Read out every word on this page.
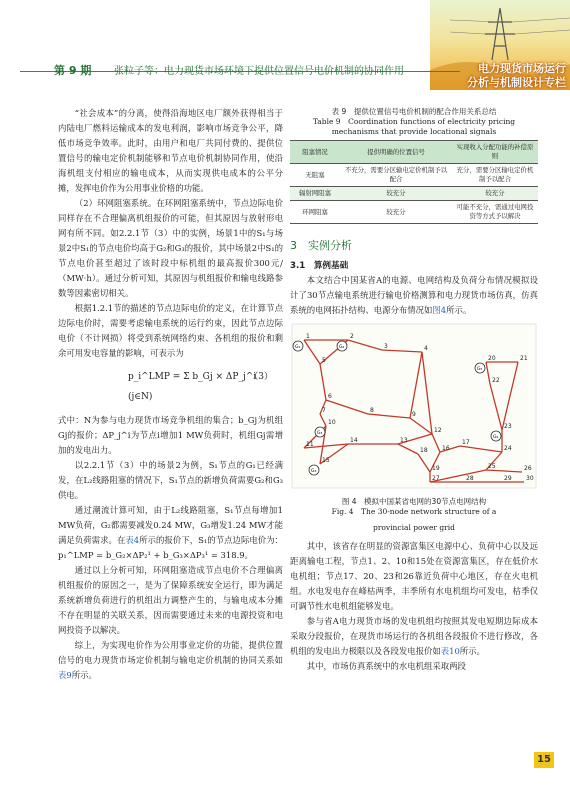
电力现货市场运行
分析与机制设计专栏
第 9 期 张粒子等：电力现货市场环境下提供位置信号电价机制的协同作用

“社会成本”的分离，使得沿海地区电厂额外获得相当于内陆电厂燃料运输成本的发电利润，影响市场竞争公平，降低市场竞争效率。此时，由用户和电厂共同付费的、提供位置信号的输电定价机制能够和节点电价机制协同作用，使沿海机组支付相应的输电成本，从而实现供电成本的公平分摊，发挥电价作为公用事业价格的功能。

（2）环网阻塞系统。在环网阻塞系统中，节点边际电价同样存在不合理偏离机组报价的可能，但其原因与放射形电网有所不同。如2.2.1节（3）中的实例，场景1中的S₁与场景2中S₁的节点电价均高于G₂和G₃的报价，其中场景2中S₁的节点电价甚至超过了该时段中标机组的最高报价300元/（MW·h）。通过分析可知，其原因与机组报价和输电线路参数等因素密切相关。

根据1.2.1节的描述的节点边际电价的定义，在计算节点边际电价时，需要考虑输电系统的运行约束，因此节点边际电价（不计网损）将受到系统网络约束、各机组的报价和剩余可用发电容量的影响，可表示为

p_i^LMP = Σ b_Gj × ΔP_j^i (j∈N)
（3）

式中：N为参与电力现货市场竞争机组的集合；b_Gj为机组Gj的报价；ΔP_j^i为节点i增加1 MW负荷时，机组Gj需增加的发电出力。

以2.2.1节（3）中的场景2为例，S₁节点的G₁已经满发，在L₂线路阻塞的情况下，S₁节点的新增负荷需要G₂和G₃供电。

通过潮流计算可知，由于L₂线路阻塞，S₁节点每增加1 MW负荷，G₂都需要减发0.24 MW，G₃增发1.24 MW才能满足负荷需求。在表4所示的报价下，S₁的节点边际电价为：p₁^LMP = b_G₂×ΔP₂¹ + b_G₃×ΔP₃¹ = 318.9。

通过以上分析可知，环网阻塞造成节点电价不合理偏离机组报价的原因之一，是为了保障系统安全运行，即为满足系统新增负荷进行的机组出力调整产生的，与输电成本分摊不存在明显的关联关系，因而需要通过未来的电源投资和电网投资予以解决。

综上，为实现电价作为公用事业定价的功能，提供位置信号的电力现货市场定价机制与输电定价机制的协同关系如表9所示。

表 9　提供位置信号电价机制的配合作用关系总结
Table 9　Coordination functions of electricity pricing
mechanisms that provide locational signals
阻塞情况	提供明确的位置信号	实现收入分配功能的补偿原则
无阻塞	不充分，需要分区输电定价机制予以配合	充分，需要分区输电定价机制予以配合
辐射网阻塞	较充分	较充分
环网阻塞	较充分	可能不充分，需通过电网投资等方式予以解决
3　实例分析
3.1　算例基础

本文结合中国某省A的电源、电网结构及负荷分布情况模拟设计了30节点输电系统进行输电价格测算和电力现货市场仿真，仿真系统的电网拓扑结构、电源分布情况如图4所示。

1	2
3	4
5
6
7	8
9
10
11
12
13
14
15
16
17
18
19
20	21
22
23
24
25	26
27	28	29 30
G₁	G₂
G₃
G₄
G₅
G₆
图 4　模拟中国某省电网的30节点电网结构
Fig. 4　The 30-node network structure of a
provincial power grid

其中，该省存在明显的资源富集区电源中心、负荷中心以及远距离输电工程，节点1、2、10和15处在资源富集区，存在低价水电机组；节点17、20、23和26靠近负荷中心地区，存在火电机组。水电发电存在峰枯两季，丰季所有水电机组均可发电，枯季仅可调节性水电机组能够发电。

参与省A电力现货市场的发电机组均按照其发电短期边际成本采取分段报价，在现货市场运行的各机组各段报价不进行修改，各机组的发电出力极限以及各段发电报价如表10所示。

其中，市场仿真系统中的水电机组采取两段

15
